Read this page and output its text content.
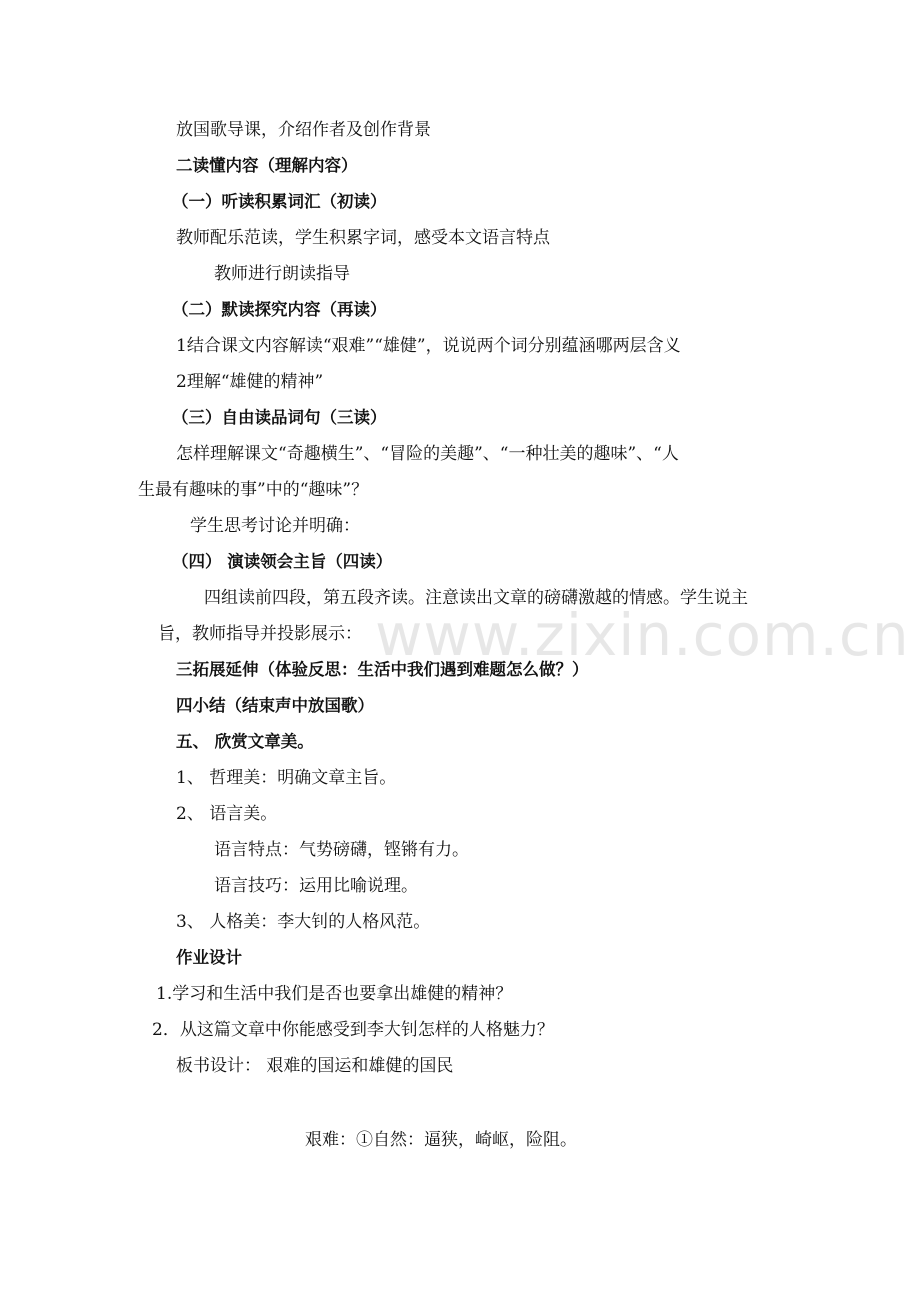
放国歌导课，介绍作者及创作背景
二读懂内容（理解内容）
（一）听读积累词汇（初读）
教师配乐范读，学生积累字词，感受本文语言特点
教师进行朗读指导
（二）默读探究内容（再读）
1结合课文内容解读“艰难”“雄健”，说说两个词分别蕴涵哪两层含义
2理解“雄健的精神”
（三）自由读品词句（三读）
怎样理解课文“奇趣横生”、“冒险的美趣”、“一种壮美的趣味”、“人
生最有趣味的事”中的“趣味”？
学生思考讨论并明确：
（四） 演读领会主旨（四读）
四组读前四段，第五段齐读。注意读出文章的磅礴激越的情感。学生说主
旨，教师指导并投影展示：
三拓展延伸（体验反思：生活中我们遇到难题怎么做？）
四小结（结束声中放国歌）
五、 欣赏文章美。
1、 哲理美：明确文章主旨。
2、 语言美。
语言特点：气势磅礴，铿锵有力。
语言技巧：运用比喻说理。
3、 人格美：李大钊的人格风范。
作业设计
1.学习和生活中我们是否也要拿出雄健的精神？
2．从这篇文章中你能感受到李大钊怎样的人格魅力？
板书设计： 艰难的国运和雄健的国民
艰难：①自然：逼狭，崎岖，险阻。
www.zixin.com.cn
